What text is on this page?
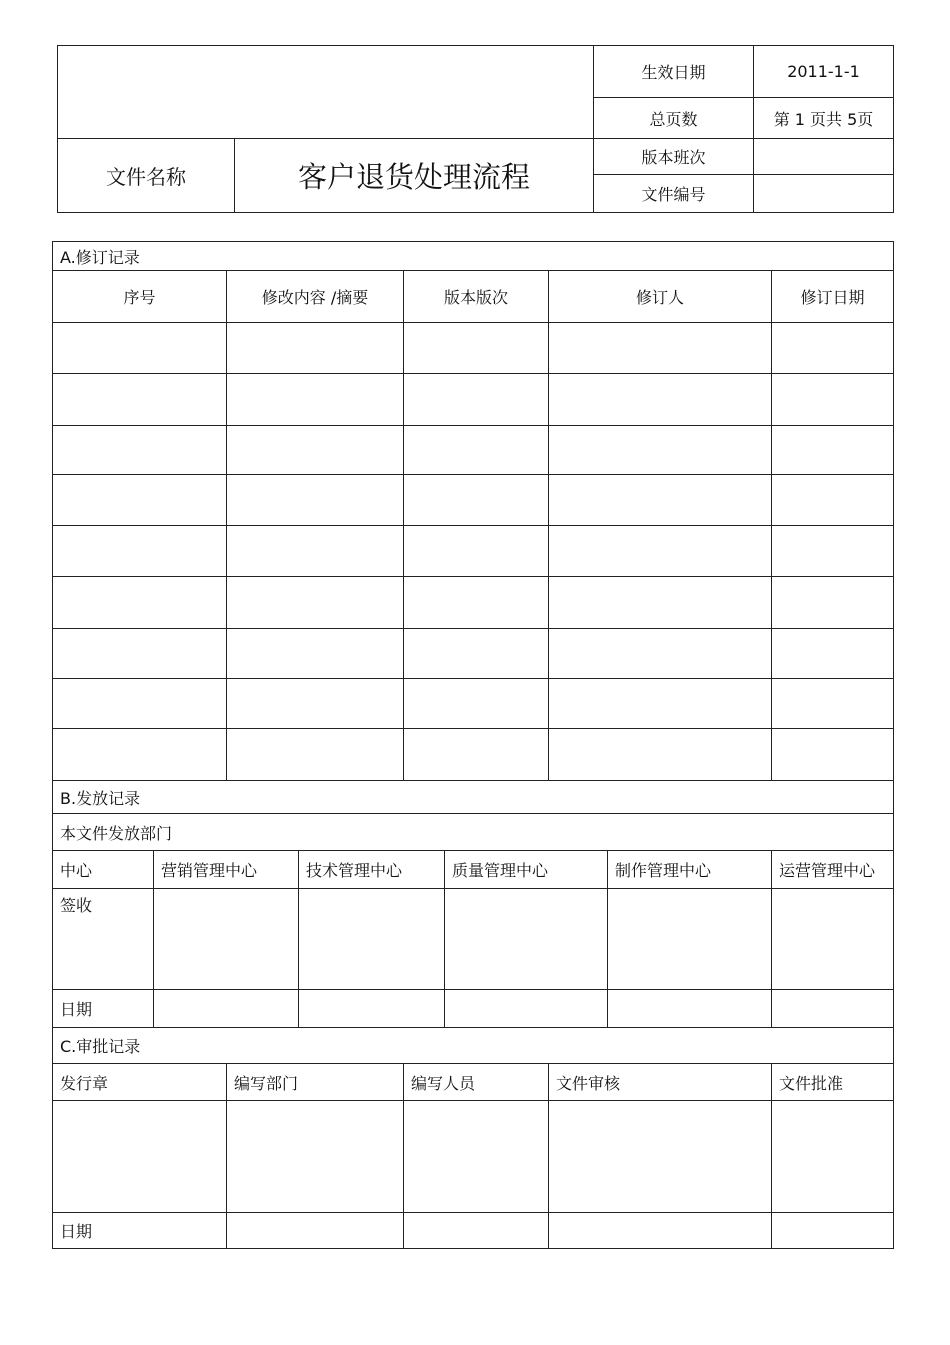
		生效日期	2011-1-1
		总页数	第 1 页共 5页
文件名称	客户退货处理流程	版本班次	
		文件编号	
A.修订记录								
序号		修改内容 /摘要		版本版次		修订人		修订日期

B.发放记录								
本文件发放部门								
中心	营销管理中心		技术管理中心		质量管理中心		制作管理中心	运营管理中心
签收								
日期								
C.审批记录								
发行章		编写部门		编写人员		文件审核		文件批准

日期								
